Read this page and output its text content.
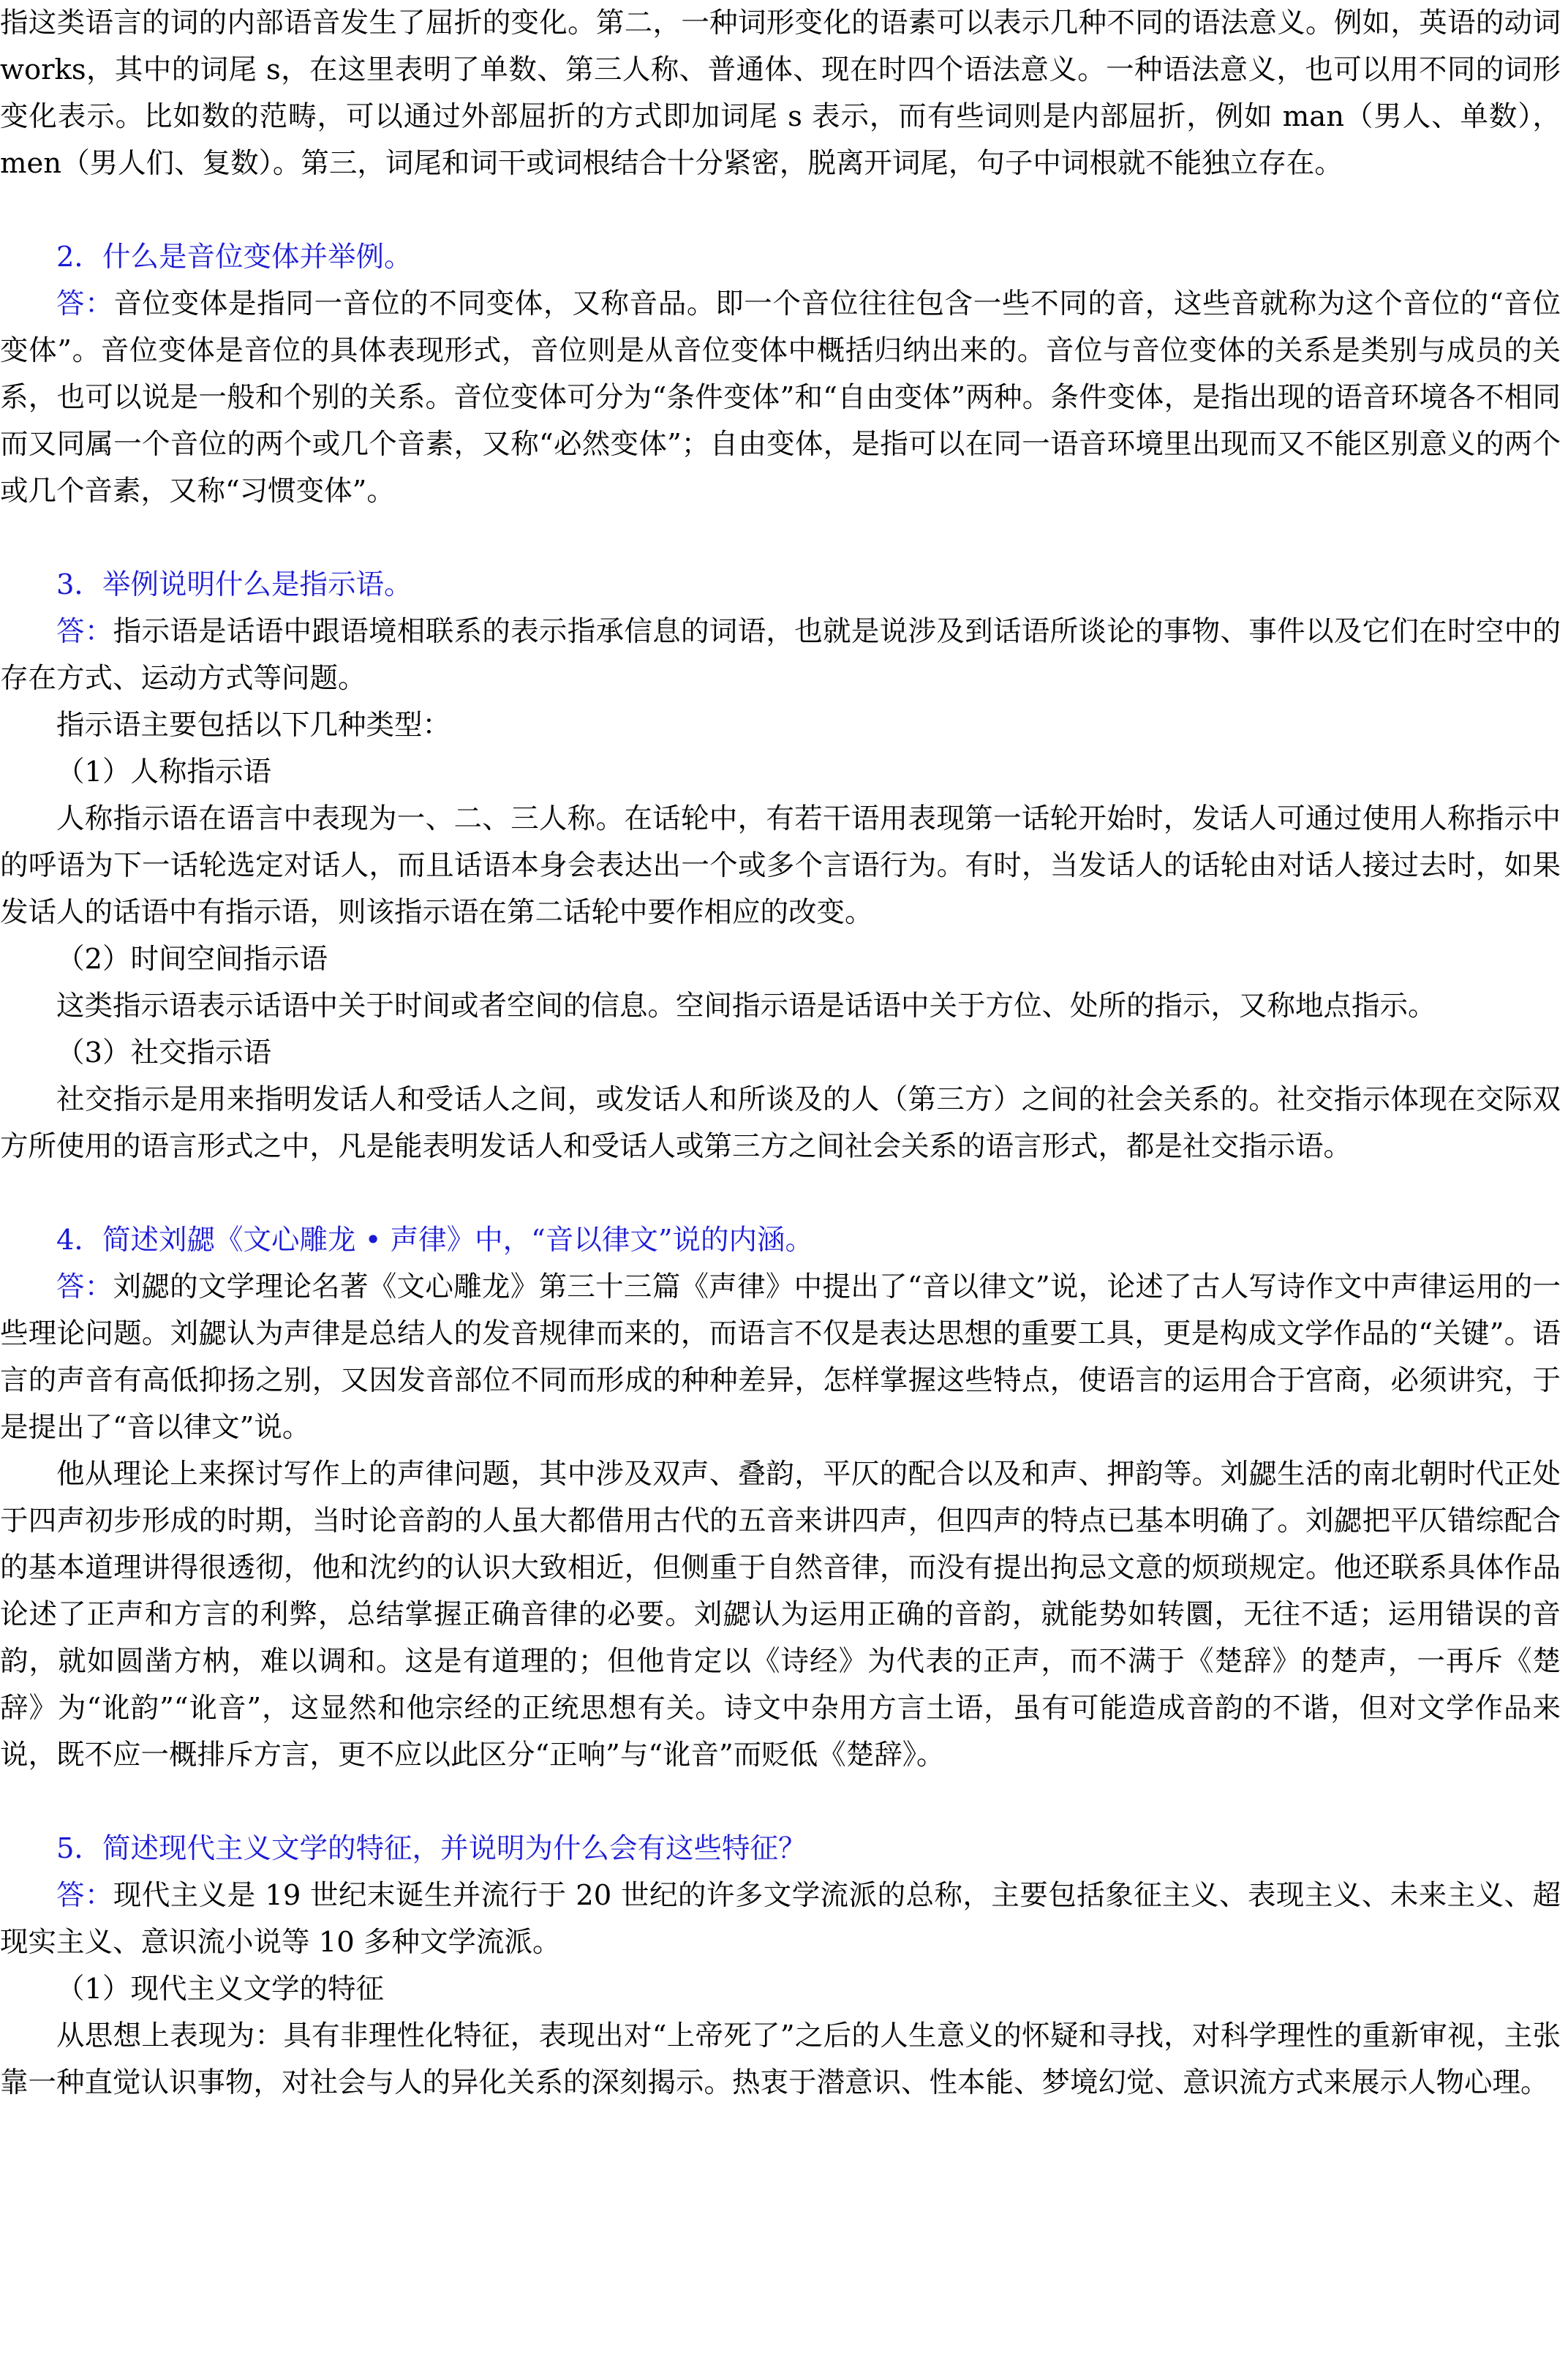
指这类语言的词的内部语音发生了屈折的变化。第二，一种词形变化的语素可以表示几种不同的语法意义。例如，英语的动词 works，其中的词尾 s，在这里表明了单数、第三人称、普通体、现在时四个语法意义。一种语法意义，也可以用不同的词形变化表示。比如数的范畴，可以通过外部屈折的方式即加词尾 s 表示，而有些词则是内部屈折，例如 man（男人、单数），men（男人们、复数）。第三，词尾和词干或词根结合十分紧密，脱离开词尾，句子中词根就不能独立存在。

2．什么是音位变体并举例。

答：音位变体是指同一音位的不同变体，又称音品。即一个音位往往包含一些不同的音，这些音就称为这个音位的“音位变体”。音位变体是音位的具体表现形式，音位则是从音位变体中概括归纳出来的。音位与音位变体的关系是类别与成员的关系，也可以说是一般和个别的关系。音位变体可分为“条件变体”和“自由变体”两种。条件变体，是指出现的语音环境各不相同而又同属一个音位的两个或几个音素，又称“必然变体”；自由变体，是指可以在同一语音环境里出现而又不能区别意义的两个或几个音素，又称“习惯变体”。

3．举例说明什么是指示语。

答：指示语是话语中跟语境相联系的表示指承信息的词语，也就是说涉及到话语所谈论的事物、事件以及它们在时空中的存在方式、运动方式等问题。

指示语主要包括以下几种类型：

（1）人称指示语

人称指示语在语言中表现为一、二、三人称。在话轮中，有若干语用表现第一话轮开始时，发话人可通过使用人称指示中的呼语为下一话轮选定对话人，而且话语本身会表达出一个或多个言语行为。有时，当发话人的话轮由对话人接过去时，如果发话人的话语中有指示语，则该指示语在第二话轮中要作相应的改变。

（2）时间空间指示语

这类指示语表示话语中关于时间或者空间的信息。空间指示语是话语中关于方位、处所的指示，又称地点指示。

（3）社交指示语

社交指示是用来指明发话人和受话人之间，或发话人和所谈及的人（第三方）之间的社会关系的。社交指示体现在交际双方所使用的语言形式之中，凡是能表明发话人和受话人或第三方之间社会关系的语言形式，都是社交指示语。

4．简述刘勰《文心雕龙 • 声律》中，“音以律文”说的内涵。

答：刘勰的文学理论名著《文心雕龙》第三十三篇《声律》中提出了“音以律文”说，论述了古人写诗作文中声律运用的一些理论问题。刘勰认为声律是总结人的发音规律而来的，而语言不仅是表达思想的重要工具，更是构成文学作品的“关键”。语言的声音有高低抑扬之别，又因发音部位不同而形成的种种差异，怎样掌握这些特点，使语言的运用合于宫商，必须讲究，于是提出了“音以律文”说。

他从理论上来探讨写作上的声律问题，其中涉及双声、叠韵，平仄的配合以及和声、押韵等。刘勰生活的南北朝时代正处于四声初步形成的时期，当时论音韵的人虽大都借用古代的五音来讲四声，但四声的特点已基本明确了。刘勰把平仄错综配合的基本道理讲得很透彻，他和沈约的认识大致相近，但侧重于自然音律，而没有提出拘忌文意的烦琐规定。他还联系具体作品论述了正声和方言的利弊，总结掌握正确音律的必要。刘勰认为运用正确的音韵，就能势如转圜，无往不适；运用错误的音韵，就如圆凿方枘，难以调和。这是有道理的；但他肯定以《诗经》为代表的正声，而不满于《楚辞》的楚声，一再斥《楚辞》为“讹韵”“讹音”，这显然和他宗经的正统思想有关。诗文中杂用方言土语，虽有可能造成音韵的不谐，但对文学作品来说，既不应一概排斥方言，更不应以此区分“正响”与“讹音”而贬低《楚辞》。

5．简述现代主义文学的特征，并说明为什么会有这些特征？

答：现代主义是 19 世纪末诞生并流行于 20 世纪的许多文学流派的总称，主要包括象征主义、表现主义、未来主义、超现实主义、意识流小说等 10 多种文学流派。

（1）现代主义文学的特征

从思想上表现为：具有非理性化特征，表现出对“上帝死了”之后的人生意义的怀疑和寻找，对科学理性的重新审视，主张靠一种直觉认识事物，对社会与人的异化关系的深刻揭示。热衷于潜意识、性本能、梦境幻觉、意识流方式来展示人物心理。
